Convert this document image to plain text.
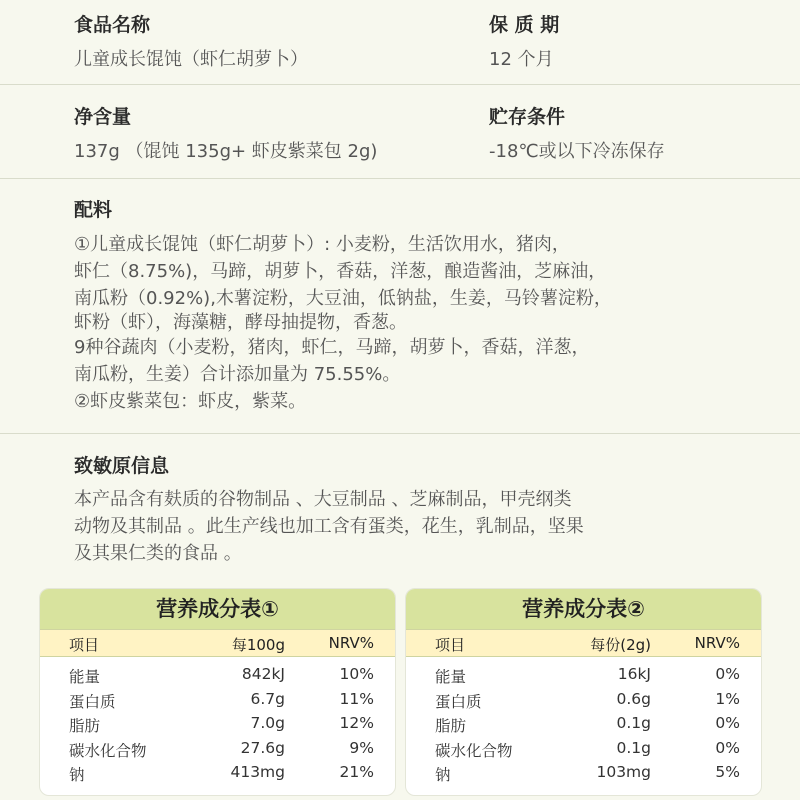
食品名称
儿童成长馄饨（虾仁胡萝卜）
保 质 期
12 个月
净含量
137g （馄饨 135g+ 虾皮紫菜包 2g)
贮存条件
-18℃或以下冷冻保存
配料
①儿童成长馄饨（虾仁胡萝卜）: 小麦粉，生活饮用水，猪肉，
虾仁（8.75%)，马蹄，胡萝卜，香菇，洋葱，酿造酱油，芝麻油，
南瓜粉（0.92%),木薯淀粉，大豆油，低钠盐，生姜，马铃薯淀粉，
虾粉（虾），海藻糖，酵母抽提物，香葱。
9种谷蔬肉（小麦粉，猪肉，虾仁，马蹄，胡萝卜，香菇，洋葱，
南瓜粉，生姜）合计添加量为 75.55%。
②虾皮紫菜包：虾皮，紫菜。
致敏原信息
本产品含有麸质的谷物制品 、大豆制品 、芝麻制品，甲壳纲类
动物及其制品 。此生产线也加工含有蛋类，花生，乳制品，坚果
及其果仁类的食品 。
营养成分表①
项目	每100g	NRV%
能量	842kJ	10%
蛋白质	6.7g	11%
脂肪	7.0g	12%
碳水化合物	27.6g	9%
钠	413mg	21%
营养成分表②
项目	每份(2g)	NRV%
能量	16kJ	0%
蛋白质	0.6g	1%
脂肪	0.1g	0%
碳水化合物	0.1g	0%
钠	103mg	5%
